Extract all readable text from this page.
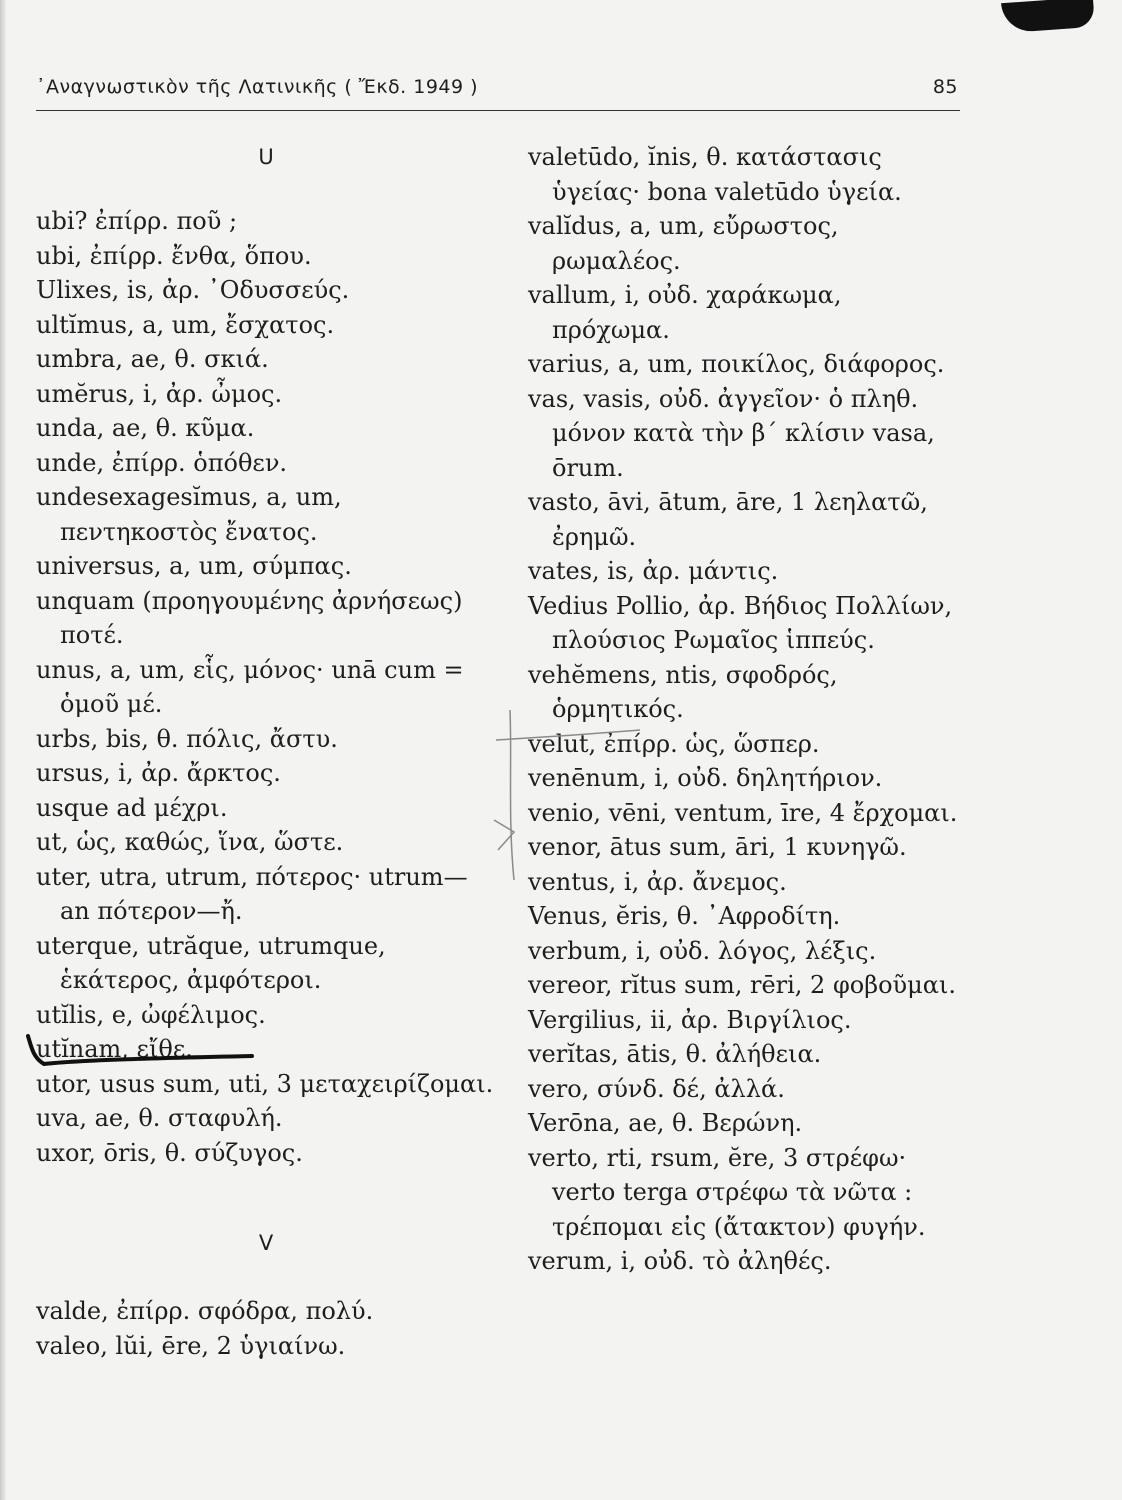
᾽Αναγνωστικὸν τῆς Λατινικῆς ( Ἔκδ. 1949 )	85
U
ubi? ἐπίρρ. ποῦ ;
ubi, ἐπίρρ. ἔνθα, ὅπου.
Ulixes, is, ἀρ. ᾽Οδυσσεύς.
ultĭmus, a, um, ἔσχατος.
umbra, ae, θ. σκιά.
umĕrus, i, ἀρ. ὦμος.
unda, ae, θ. κῦμα.
unde, ἐπίρρ. ὁπόθεν.
undesexagesĭmus, a, um, πεντηκοστὸς ἔνατος.
universus, a, um, σύμπας.
unquam (προηγουμένης ἀρνήσεως) ποτέ.
unus, a, um, εἷς, μόνος· unā cum = ὁμοῦ μέ.
urbs, bis, θ. πόλις, ἄστυ.
ursus, i, ἀρ. ἄρκτος.
usque ad μέχρι.
ut, ὡς, καθώς, ἵνα, ὥστε.
uter, utra, utrum, πότερος· utrum—an πότερον—ἤ.
uterque, utrăque, utrumque, ἑκάτερος, ἀμφότεροι.
utĭlis, e, ὠφέλιμος.
utĭnam, εἴθε.
utor, usus sum, uti, 3 μεταχειρίζομαι.
uva, ae, θ. σταφυλή.
uxor, ōris, θ. σύζυγος.
V
valde, ἐπίρρ. σφόδρα, πολύ.
valeo, lŭi, ēre, 2 ὑγιαίνω.
valetūdo, ĭnis, θ. κατάστασις ὑγείας· bona valetūdo ὑγεία.
valĭdus, a, um, εὔρωστος, ρωμαλέος.
vallum, i, οὐδ. χαράκωμα, πρόχωμα.
varius, a, um, ποικίλος, διάφορος.
vas, vasis, οὐδ. ἀγγεῖον· ὁ πληθ. μόνον κατὰ τὴν β´ κλίσιν vasa, ōrum.
vasto, āvi, ātum, āre, 1 λεηλατῶ, ἐρημῶ.
vates, is, ἀρ. μάντις.
Vedius Pollio, ἀρ. Βήδιος Πολλίων, πλούσιος Ρωμαῖος ἱππεύς.
vehĕmens, ntis, σφοδρός, ὁρμητικός.
velut, ἐπίρρ. ὡς, ὥσπερ.
venēnum, i, οὐδ. δηλητήριον.
venio, vēni, ventum, īre, 4 ἔρχομαι.
venor, ātus sum, āri, 1 κυνηγῶ.
ventus, i, ἀρ. ἄνεμος.
Venus, ĕris, θ. ᾽Αφροδίτη.
verbum, i, οὐδ. λόγος, λέξις.
vereor, rĭtus sum, rēri, 2 φοβοῦμαι.
Vergilius, ii, ἀρ. Βιργίλιος.
verĭtas, ātis, θ. ἀλήθεια.
vero, σύνδ. δέ, ἀλλά.
Verōna, ae, θ. Βερώνη.
verto, rti, rsum, ĕre, 3 στρέφω· verto terga στρέφω τὰ νῶτα : τρέπομαι εἰς (ἄτακτον) φυγήν.
verum, i, οὐδ. τὸ ἀληθές.
